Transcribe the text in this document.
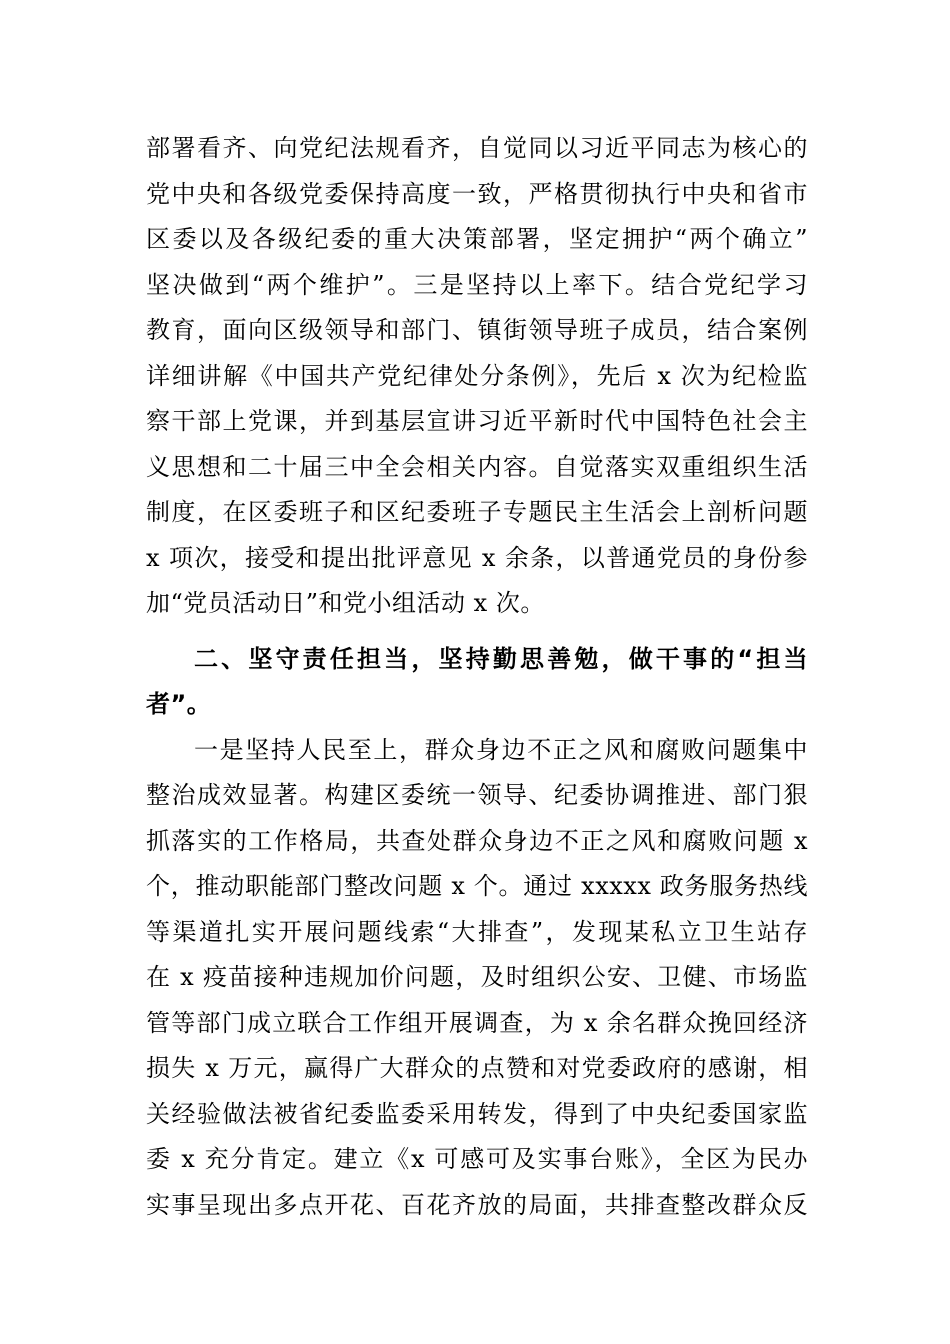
部署看齐、向党纪法规看齐，自觉同以习近平同志为核心的
党中央和各级党委保持高度一致，严格贯彻执行中央和省市
区委以及各级纪委的重大决策部署，坚定拥护“两个确立”
坚决做到“两个维护”。三是坚持以上率下。结合党纪学习
教育，面向区级领导和部门、镇街领导班子成员，结合案例
详细讲解《中国共产党纪律处分条例》，先后 x 次为纪检监
察干部上党课，并到基层宣讲习近平新时代中国特色社会主
义思想和二十届三中全会相关内容。自觉落实双重组织生活
制度，在区委班子和区纪委班子专题民主生活会上剖析问题
x 项次，接受和提出批评意见 x 余条，以普通党员的身份参
加“党员活动日”和党小组活动 x 次。
二、坚守责任担当，坚持勤思善勉，做干事的“担当
者”。
一是坚持人民至上，群众身边不正之风和腐败问题集中
整治成效显著。构建区委统一领导、纪委协调推进、部门狠
抓落实的工作格局，共查处群众身边不正之风和腐败问题 x
个，推动职能部门整改问题 x 个。通过 xxxxx 政务服务热线
等渠道扎实开展问题线索“大排查”，发现某私立卫生站存
在 x 疫苗接种违规加价问题，及时组织公安、卫健、市场监
管等部门成立联合工作组开展调查，为 x 余名群众挽回经济
损失 x 万元，赢得广大群众的点赞和对党委政府的感谢，相
关经验做法被省纪委监委采用转发，得到了中央纪委国家监
委 x 充分肯定。建立《x 可感可及实事台账》，全区为民办
实事呈现出多点开花、百花齐放的局面，共排查整改群众反
